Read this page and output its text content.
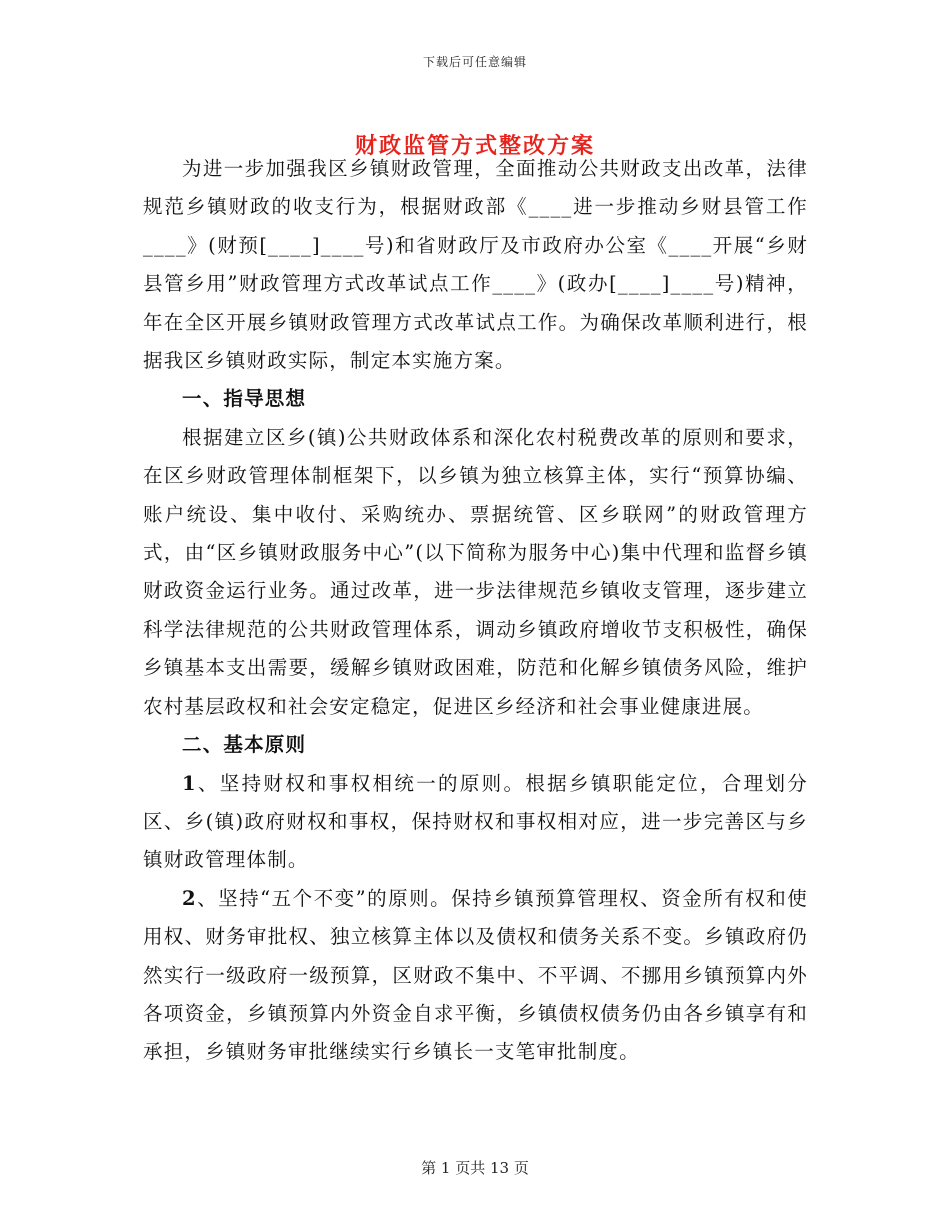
下载后可任意编辑
财政监管方式整改方案

为进一步加强我区乡镇财政管理，全面推动公共财政支出改革，法律规范乡镇财政的收支行为，根据财政部《____进一步推动乡财县管工作____》(财预[____]____号)和省财政厅及市政府办公室《____开展“乡财县管乡用”财政管理方式改革试点工作____》(政办[____]____号)精神，年在全区开展乡镇财政管理方式改革试点工作。为确保改革顺利进行，根据我区乡镇财政实际，制定本实施方案。

一、指导思想

根据建立区乡(镇)公共财政体系和深化农村税费改革的原则和要求，在区乡财政管理体制框架下，以乡镇为独立核算主体，实行“预算协编、账户统设、集中收付、采购统办、票据统管、区乡联网”的财政管理方式，由“区乡镇财政服务中心”(以下简称为服务中心)集中代理和监督乡镇财政资金运行业务。通过改革，进一步法律规范乡镇收支管理，逐步建立科学法律规范的公共财政管理体系，调动乡镇政府增收节支积极性，确保乡镇基本支出需要，缓解乡镇财政困难，防范和化解乡镇债务风险，维护农村基层政权和社会安定稳定，促进区乡经济和社会事业健康进展。

二、基本原则

1、坚持财权和事权相统一的原则。根据乡镇职能定位，合理划分区、乡(镇)政府财权和事权，保持财权和事权相对应，进一步完善区与乡镇财政管理体制。

2、坚持“五个不变”的原则。保持乡镇预算管理权、资金所有权和使用权、财务审批权、独立核算主体以及债权和债务关系不变。乡镇政府仍然实行一级政府一级预算，区财政不集中、不平调、不挪用乡镇预算内外各项资金，乡镇预算内外资金自求平衡，乡镇债权债务仍由各乡镇享有和承担，乡镇财务审批继续实行乡镇长一支笔审批制度。

第 1 页共 13 页
